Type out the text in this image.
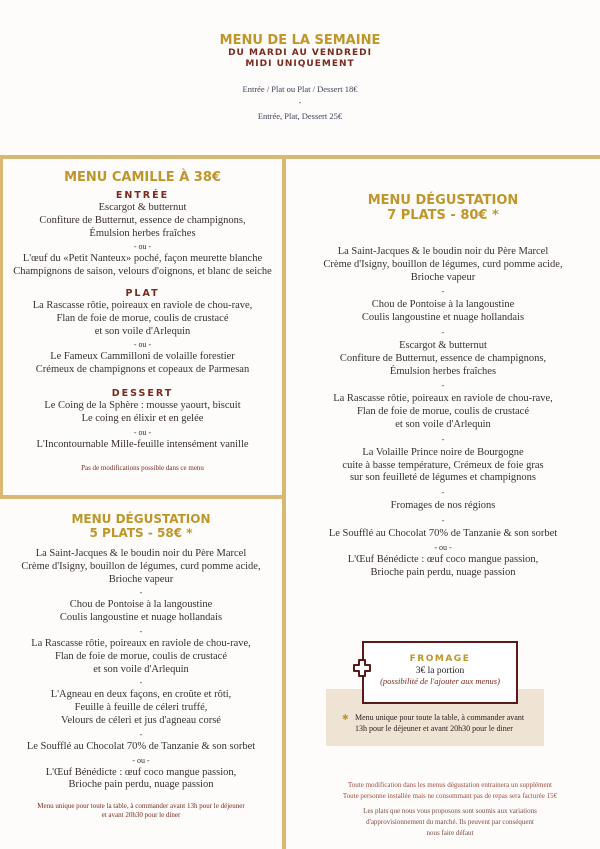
MENU DE LA SEMAINE
DU MARDI AU VENDREDI
MIDI UNIQUEMENT
Entrée / Plat ou Plat / Dessert 18€
-
Entrée, Plat, Dessert 25€
MENU CAMILLE À 38€
ENTRÉE
Escargot & butternut
Confiture de Butternut, essence de champignons,
Émulsion herbes fraîches
- ou -
L'œuf du «Petit Nanteux» poché, façon meurette blanche
Champignons de saison, velours d'oignons, et blanc de seiche
PLAT
La Rascasse rôtie, poireaux en raviole de chou-rave,
Flan de foie de morue, coulis de crustacé
et son voile d'Arlequin
- ou -
Le Fameux Cammilloni de volaille forestier
Crémeux de champignons et copeaux de Parmesan
DESSERT
Le Coing de la Sphère : mousse yaourt, biscuit
Le coing en élixir et en gelée
- ou -
L'Incontournable Mille-feuille intensément vanille
Pas de modifications possible dans ce menu
MENU DÉGUSTATION
5 PLATS - 58€ *
La Saint-Jacques & le boudin noir du Père Marcel
Crème d'Isigny, bouillon de légumes, curd pomme acide,
Brioche vapeur
-
Chou de Pontoise à la langoustine
Coulis langoustine et nuage hollandais
-
La Rascasse rôtie, poireaux en raviole de chou-rave,
Flan de foie de morue, coulis de crustacé
et son voile d'Arlequin
-
L'Agneau en deux façons, en croûte et rôti,
Feuille à feuille de céleri truffé,
Velours de céleri et jus d'agneau corsé
-
Le Soufflé au Chocolat 70% de Tanzanie & son sorbet
- ou -
L'Œuf Bénédicte : œuf coco mangue passion,
Brioche pain perdu, nuage passion
Menu unique pour toute la table, à commander avant 13h pour le déjeuner
et avant 20h30 pour le diner
MENU DÉGUSTATION
7 PLATS - 80€ *
La Saint-Jacques & le boudin noir du Père Marcel
Crème d'Isigny, bouillon de légumes, curd pomme acide,
Brioche vapeur
-
Chou de Pontoise à la langoustine
Coulis langoustine et nuage hollandais
-
Escargot & butternut
Confiture de Butternut, essence de champignons,
Émulsion herbes fraîches
-
La Rascasse rôtie, poireaux en raviole de chou-rave,
Flan de foie de morue, coulis de crustacé
et son voile d'Arlequin
-
La Volaille Prince noire de Bourgogne
cuite à basse température, Crémeux de foie gras
sur son feuilleté de légumes et champignons
-
Fromages de nos régions
-
Le Soufflé au Chocolat 70% de Tanzanie & son sorbet
- ou -
L'Œuf Bénédicte : œuf coco mangue passion,
Brioche pain perdu, nuage passion
✱ Menu unique pour toute la table, à commander avant
13h pour le déjeuner et avant 20h30 pour le diner
FROMAGE
3€ la portion
(possibilité de l'ajouter aux menus)
Toute modification dans les menus dégustation entrainera un supplément
Toute personne installée mais ne consommant pas de repas sera facturée 15€
Les plats que nous vous proposons sont soumis aux variations
d'approvisionnement du marché. Ils peuvent par conséquent
nous faire défaut
